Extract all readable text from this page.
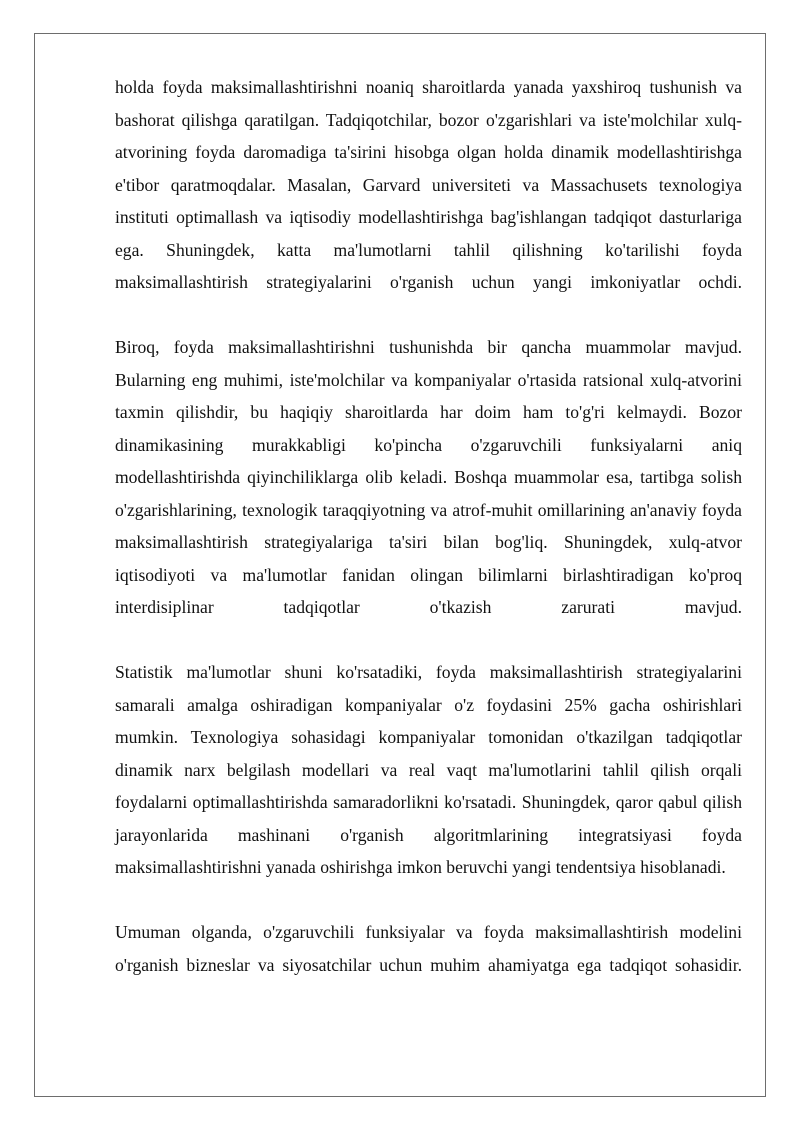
holda foyda maksimallashtirishni noaniq sharoitlarda yanada yaxshiroq tushunish va bashorat qilishga qaratilgan. Tadqiqotchilar, bozor o'zgarishlari va iste'molchilar xulq-atvorining foyda daromadiga ta'sirini hisobga olgan holda dinamik modellashtirishga e'tibor qaratmoqdalar. Masalan, Garvard universiteti va Massachusets texnologiya instituti optimallash va iqtisodiy modellashtirishga bag'ishlangan tadqiqot dasturlariga ega. Shuningdek, katta ma'lumotlarni tahlil qilishning ko'tarilishi foyda maksimallashtirish strategiyalarini o'rganish uchun yangi imkoniyatlar ochdi.

Biroq, foyda maksimallashtirishni tushunishda bir qancha muammolar mavjud. Bularning eng muhimi, iste'molchilar va kompaniyalar o'rtasida ratsional xulq-atvorini taxmin qilishdir, bu haqiqiy sharoitlarda har doim ham to'g'ri kelmaydi. Bozor dinamikasining murakkabligi ko'pincha o'zgaruvchili funksiyalarni aniq modellashtirishda qiyinchiliklarga olib keladi. Boshqa muammolar esa, tartibga solish o'zgarishlarining, texnologik taraqqiyotning va atrof-muhit omillarining an'anaviy foyda maksimallashtirish strategiyalariga ta'siri bilan bog'liq. Shuningdek, xulq-atvor iqtisodiyoti va ma'lumotlar fanidan olingan bilimlarni birlashtiradigan ko'proq interdisiplinar tadqiqotlar o'tkazish zarurati mavjud.

Statistik ma'lumotlar shuni ko'rsatadiki, foyda maksimallashtirish strategiyalarini samarali amalga oshiradigan kompaniyalar o'z foydasini 25% gacha oshirishlari mumkin. Texnologiya sohasidagi kompaniyalar tomonidan o'tkazilgan tadqiqotlar dinamik narx belgilash modellari va real vaqt ma'lumotlarini tahlil qilish orqali foydalarni optimallashtirishda samaradorlikni ko'rsatadi. Shuningdek, qaror qabul qilish jarayonlarida mashinani o'rganish algoritmlarining integratsiyasi foyda maksimallashtirishni yanada oshirishga imkon beruvchi yangi tendentsiya hisoblanadi.

Umuman olganda, o'zgaruvchili funksiyalar va foyda maksimallashtirish modelini o'rganish bizneslar va siyosatchilar uchun muhim ahamiyatga ega tadqiqot sohasidir.
